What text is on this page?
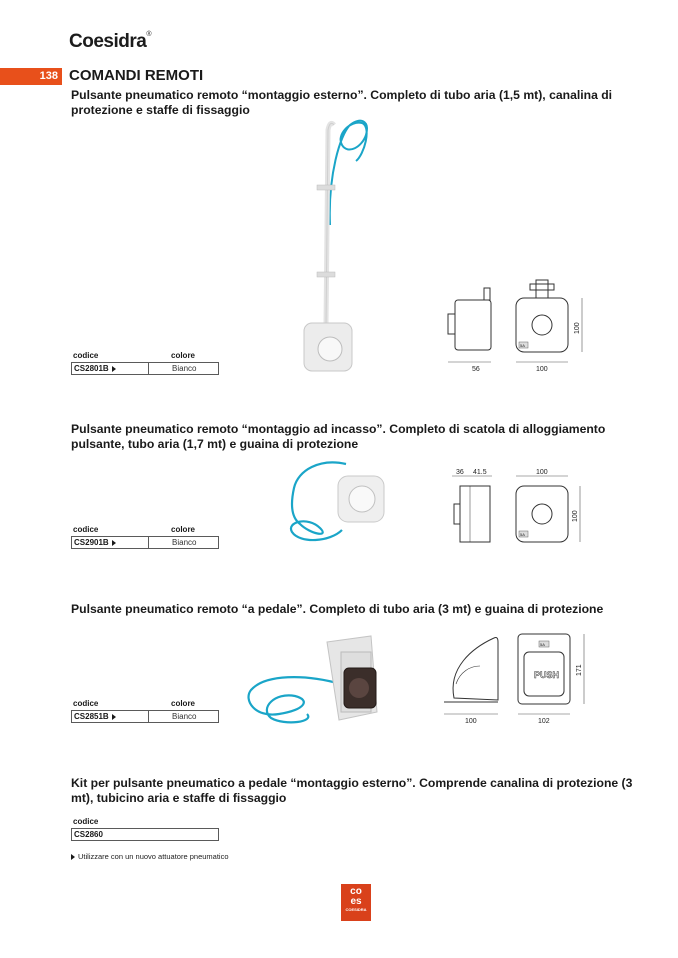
Coesidra®
138 COMANDI REMOTI
Pulsante pneumatico remoto “montaggio esterno”. Completo di tubo aria (1,5 mt), canalina di protezione e staffe di fissaggio
56
5A
100
100
codice	colore
CS2801B	Bianco
Pulsante pneumatico remoto “montaggio ad incasso”. Completo di scatola di alloggiamento pulsante, tubo aria (1,7 mt) e guaina di protezione
36 41.5	100
5A
100
codice	colore
CS2901B	Bianco
Pulsante pneumatico remoto “a pedale”. Completo di tubo aria (3 mt) e guaina di protezione
100
5A
PUSH
102
171
codice	colore
CS2851B	Bianco
Kit per pulsante pneumatico a pedale “montaggio esterno”. Comprende canalina di protezione (3 mt), tubicino aria e staffe di fissaggio
codice
CS2860
Utilizzare con un nuovo attuatore pneumatico
co
es
COESIDRA
